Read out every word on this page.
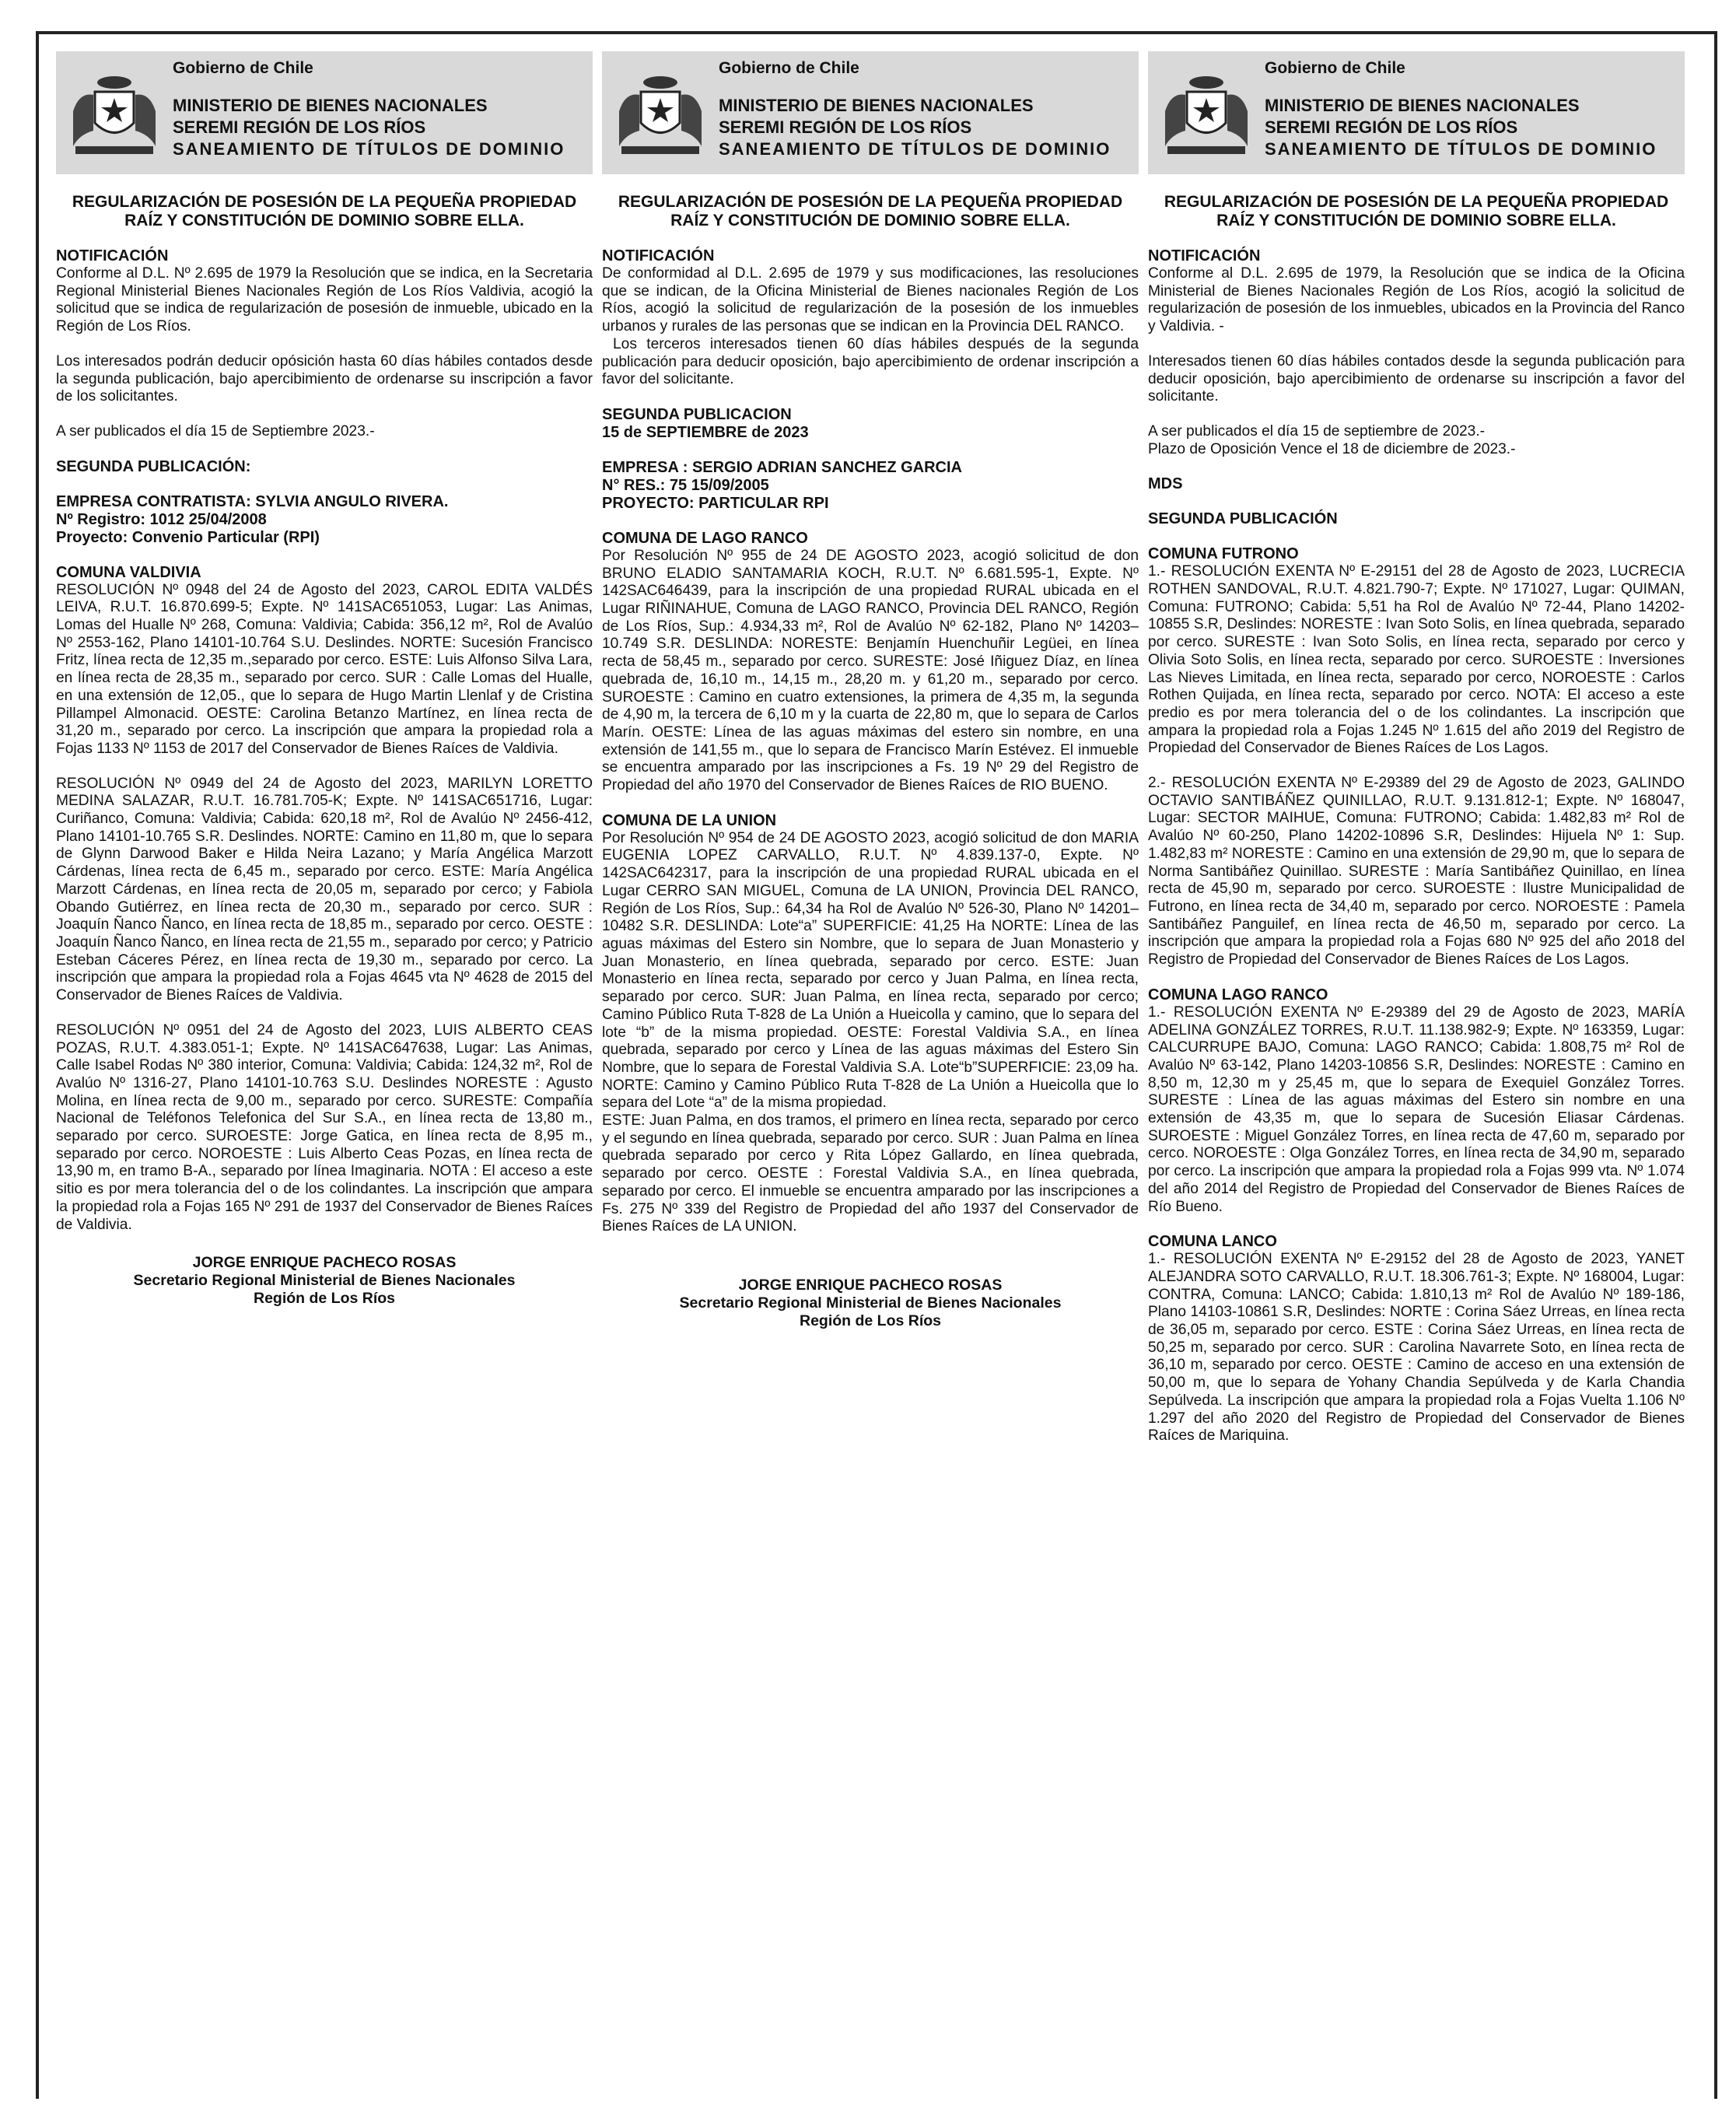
Gobierno de Chile
MINISTERIO DE BIENES NACIONALES
SEREMI REGIÓN DE LOS RÍOS
SANEAMIENTO DE TÍTULOS DE DOMINIO
REGULARIZACIÓN DE POSESIÓN DE LA PEQUEÑA PROPIEDAD RAÍZ Y CONSTITUCIÓN DE DOMINIO SOBRE ELLA.
NOTIFICACIÓN

Conforme al D.L. Nº 2.695 de 1979 la Resolución que se indica, en la Secretaria Regional Ministerial Bienes Nacionales Región de Los Ríos Valdivia, acogió la solicitud que se indica de regularización de posesión de inmueble, ubicado en la Región de Los Ríos.

Los interesados podrán deducir opósición hasta 60 días hábiles contados desde la segunda publicación, bajo apercibimiento de ordenarse su inscripción a favor de los solicitantes.

A ser publicados el día 15 de Septiembre 2023.-

SEGUNDA PUBLICACIÓN:
EMPRESA CONTRATISTA: SYLVIA ANGULO RIVERA.
Nº Registro: 1012 25/04/2008
Proyecto: Convenio Particular (RPI)
COMUNA VALDIVIA

RESOLUCIÓN Nº 0948 del 24 de Agosto del 2023, CAROL EDITA VALDÉS LEIVA, R.U.T. 16.870.699-5; Expte. Nº 141SAC651053, Lugar: Las Animas, Lomas del Hualle Nº 268, Comuna: Valdivia; Cabida: 356,12 m², Rol de Avalúo Nº 2553-162, Plano 14101-10.764 S.U. Deslindes. NORTE: Sucesión Francisco Fritz, línea recta de 12,35 m.,separado por cerco. ESTE: Luis Alfonso Silva Lara, en línea recta de 28,35 m., separado por cerco. SUR : Calle Lomas del Hualle, en una extensión de 12,05., que lo separa de Hugo Martin Llenlaf y de Cristina Pillampel Almonacid. OESTE: Carolina Betanzo Martínez, en línea recta de 31,20 m., separado por cerco. La inscripción que ampara la propiedad rola a Fojas 1133 Nº 1153 de 2017 del Conservador de Bienes Raíces de Valdivia.

RESOLUCIÓN Nº 0949 del 24 de Agosto del 2023, MARILYN LORETTO MEDINA SALAZAR, R.U.T. 16.781.705-K; Expte. Nº 141SAC651716, Lugar: Curiñanco, Comuna: Valdivia; Cabida: 620,18 m², Rol de Avalúo Nº 2456-412, Plano 14101-10.765 S.R. Deslindes. NORTE: Camino en 11,80 m, que lo separa de Glynn Darwood Baker e Hilda Neira Lazano; y María Angélica Marzott Cárdenas, línea recta de 6,45 m., separado por cerco. ESTE: María Angélica Marzott Cárdenas, en línea recta de 20,05 m, separado por cerco; y Fabiola Obando Gutiérrez, en línea recta de 20,30 m., separado por cerco. SUR : Joaquín Ñanco Ñanco, en línea recta de 18,85 m., separado por cerco. OESTE : Joaquín Ñanco Ñanco, en línea recta de 21,55 m., separado por cerco; y Patricio Esteban Cáceres Pérez, en línea recta de 19,30 m., separado por cerco. La inscripción que ampara la propiedad rola a Fojas 4645 vta Nº 4628 de 2015 del Conservador de Bienes Raíces de Valdivia.

RESOLUCIÓN Nº 0951 del 24 de Agosto del 2023, LUIS ALBERTO CEAS POZAS, R.U.T. 4.383.051-1; Expte. Nº 141SAC647638, Lugar: Las Animas, Calle Isabel Rodas Nº 380 interior, Comuna: Valdivia; Cabida: 124,32 m², Rol de Avalúo Nº 1316-27, Plano 14101-10.763 S.U. Deslindes NORESTE : Agusto Molina, en línea recta de 9,00 m., separado por cerco. SURESTE: Compañía Nacional de Teléfonos Telefonica del Sur S.A., en línea recta de 13,80 m., separado por cerco. SUROESTE: Jorge Gatica, en línea recta de 8,95 m., separado por cerco. NOROESTE : Luis Alberto Ceas Pozas, en línea recta de 13,90 m, en tramo B-A., separado por línea Imaginaria. NOTA : El acceso a este sitio es por mera tolerancia del o de los colindantes. La inscripción que ampara la propiedad rola a Fojas 165 Nº 291 de 1937 del Conservador de Bienes Raíces de Valdivia.

JORGE ENRIQUE PACHECO ROSAS
Secretario Regional Ministerial de Bienes Nacionales
Región de Los Ríos
Gobierno de Chile
MINISTERIO DE BIENES NACIONALES
SEREMI REGIÓN DE LOS RÍOS
SANEAMIENTO DE TÍTULOS DE DOMINIO
REGULARIZACIÓN DE POSESIÓN DE LA PEQUEÑA PROPIEDAD RAÍZ Y CONSTITUCIÓN DE DOMINIO SOBRE ELLA.
NOTIFICACIÓN

De conformidad al D.L. 2.695 de 1979 y sus modificaciones, las resoluciones que se indican, de la Oficina Ministerial de Bienes nacionales Región de Los Ríos, acogió la solicitud de regularización de la posesión de los inmuebles urbanos y rurales de las personas que se indican en la Provincia DEL RANCO.

Los terceros interesados tienen 60 días hábiles después de la segunda publicación para deducir oposición, bajo apercibimiento de ordenar inscripción a favor del solicitante.

SEGUNDA PUBLICACION
15 de SEPTIEMBRE de 2023
EMPRESA : SERGIO ADRIAN SANCHEZ GARCIA
N° RES.: 75 15/09/2005
PROYECTO: PARTICULAR RPI
COMUNA DE LAGO RANCO

Por Resolución Nº 955 de 24 DE AGOSTO 2023, acogió solicitud de don BRUNO ELADIO SANTAMARIA KOCH, R.U.T. Nº 6.681.595-1, Expte. Nº 142SAC646439, para la inscripción de una propiedad RURAL ubicada en el Lugar RIÑINAHUE, Comuna de LAGO RANCO, Provincia DEL RANCO, Región de Los Ríos, Sup.: 4.934,33 m², Rol de Avalúo Nº 62-182, Plano Nº 14203–10.749 S.R. DESLINDA: NORESTE: Benjamín Huenchuñir Legüei, en línea recta de 58,45 m., separado por cerco. SURESTE: José Iñiguez Díaz, en línea quebrada de, 16,10 m., 14,15 m., 28,20 m. y 61,20 m., separado por cerco. SUROESTE : Camino en cuatro extensiones, la primera de 4,35 m, la segunda de 4,90 m, la tercera de 6,10 m y la cuarta de 22,80 m, que lo separa de Carlos Marín. OESTE: Línea de las aguas máximas del estero sin nombre, en una extensión de 141,55 m., que lo separa de Francisco Marín Estévez. El inmueble se encuentra amparado por las inscripciones a Fs. 19 Nº 29 del Registro de Propiedad del año 1970 del Conservador de Bienes Raíces de RIO BUENO.

COMUNA DE LA UNION

Por Resolución Nº 954 de 24 DE AGOSTO 2023, acogió solicitud de don MARIA EUGENIA LOPEZ CARVALLO, R.U.T. Nº 4.839.137-0, Expte. Nº 142SAC642317, para la inscripción de una propiedad RURAL ubicada en el Lugar CERRO SAN MIGUEL, Comuna de LA UNION, Provincia DEL RANCO, Región de Los Ríos, Sup.: 64,34 ha Rol de Avalúo Nº 526-30, Plano Nº 14201–10482 S.R. DESLINDA: Lote“a” SUPERFICIE: 41,25 Ha NORTE: Línea de las aguas máximas del Estero sin Nombre, que lo separa de Juan Monasterio y Juan Monasterio, en línea quebrada, separado por cerco. ESTE: Juan Monasterio en línea recta, separado por cerco y Juan Palma, en línea recta, separado por cerco. SUR: Juan Palma, en línea recta, separado por cerco; Camino Público Ruta T-828 de La Unión a Hueicolla y camino, que lo separa del lote “b” de la misma propiedad. OESTE: Forestal Valdivia S.A., en línea quebrada, separado por cerco y Línea de las aguas máximas del Estero Sin Nombre, que lo separa de Forestal Valdivia S.A. Lote“b”SUPERFICIE: 23,09 ha. NORTE: Camino y Camino Público Ruta T-828 de La Unión a Hueicolla que lo separa del Lote “a” de la misma propiedad.

ESTE: Juan Palma, en dos tramos, el primero en línea recta, separado por cerco y el segundo en línea quebrada, separado por cerco. SUR : Juan Palma en línea quebrada separado por cerco y Rita López Gallardo, en línea quebrada, separado por cerco. OESTE : Forestal Valdivia S.A., en línea quebrada, separado por cerco. El inmueble se encuentra amparado por las inscripciones a Fs. 275 Nº 339 del Registro de Propiedad del año 1937 del Conservador de Bienes Raíces de LA UNION.

JORGE ENRIQUE PACHECO ROSAS
Secretario Regional Ministerial de Bienes Nacionales
Región de Los Ríos
Gobierno de Chile
MINISTERIO DE BIENES NACIONALES
SEREMI REGIÓN DE LOS RÍOS
SANEAMIENTO DE TÍTULOS DE DOMINIO
REGULARIZACIÓN DE POSESIÓN DE LA PEQUEÑA PROPIEDAD RAÍZ Y CONSTITUCIÓN DE DOMINIO SOBRE ELLA.
NOTIFICACIÓN

Conforme al D.L. 2.695 de 1979, la Resolución que se indica de la Oficina Ministerial de Bienes Nacionales Región de Los Ríos, acogió la solicitud de regularización de posesión de los inmuebles, ubicados en la Provincia del Ranco y Valdivia. -

Interesados tienen 60 días hábiles contados desde la segunda publicación para deducir oposición, bajo apercibimiento de ordenarse su inscripción a favor del solicitante.

A ser publicados el día 15 de septiembre de 2023.-

Plazo de Oposición Vence el 18 de diciembre de 2023.-

MDS
SEGUNDA PUBLICACIÓN
COMUNA FUTRONO

1.- RESOLUCIÓN EXENTA Nº E-29151 del 28 de Agosto de 2023, LUCRECIA ROTHEN SANDOVAL, R.U.T. 4.821.790-7; Expte. Nº 171027, Lugar: QUIMAN, Comuna: FUTRONO; Cabida: 5,51 ha Rol de Avalúo Nº 72-44, Plano 14202-10855 S.R, Deslindes: NORESTE : Ivan Soto Solis, en línea quebrada, separado por cerco. SURESTE : Ivan Soto Solis, en línea recta, separado por cerco y Olivia Soto Solis, en línea recta, separado por cerco. SUROESTE : Inversiones Las Nieves Limitada, en línea recta, separado por cerco, NOROESTE : Carlos Rothen Quijada, en línea recta, separado por cerco. NOTA: El acceso a este predio es por mera tolerancia del o de los colindantes. La inscripción que ampara la propiedad rola a Fojas 1.245 Nº 1.615 del año 2019 del Registro de Propiedad del Conservador de Bienes Raíces de Los Lagos.

2.- RESOLUCIÓN EXENTA Nº E-29389 del 29 de Agosto de 2023, GALINDO OCTAVIO SANTIBÁÑEZ QUINILLAO, R.U.T. 9.131.812-1; Expte. Nº 168047, Lugar: SECTOR MAIHUE, Comuna: FUTRONO; Cabida: 1.482,83 m² Rol de Avalúo Nº 60-250, Plano 14202-10896 S.R, Deslindes: Hijuela Nº 1: Sup. 1.482,83 m² NORESTE : Camino en una extensión de 29,90 m, que lo separa de Norma Santibáñez Quinillao. SURESTE : María Santibáñez Quinillao, en línea recta de 45,90 m, separado por cerco. SUROESTE : Ilustre Municipalidad de Futrono, en línea recta de 34,40 m, separado por cerco. NOROESTE : Pamela Santibáñez Panguilef, en línea recta de 46,50 m, separado por cerco. La inscripción que ampara la propiedad rola a Fojas 680 Nº 925 del año 2018 del Registro de Propiedad del Conservador de Bienes Raíces de Los Lagos.

COMUNA LAGO RANCO

1.- RESOLUCIÓN EXENTA Nº E-29389 del 29 de Agosto de 2023, MARÍA ADELINA GONZÁLEZ TORRES, R.U.T. 11.138.982-9; Expte. Nº 163359, Lugar: CALCURRUPE BAJO, Comuna: LAGO RANCO; Cabida: 1.808,75 m² Rol de Avalúo Nº 63-142, Plano 14203-10856 S.R, Deslindes: NORESTE : Camino en 8,50 m, 12,30 m y 25,45 m, que lo separa de Exequiel González Torres. SURESTE : Línea de las aguas máximas del Estero sin nombre en una extensión de 43,35 m, que lo separa de Sucesión Eliasar Cárdenas. SUROESTE : Miguel González Torres, en línea recta de 47,60 m, separado por cerco. NOROESTE : Olga González Torres, en línea recta de 34,90 m, separado por cerco. La inscripción que ampara la propiedad rola a Fojas 999 vta. Nº 1.074 del año 2014 del Registro de Propiedad del Conservador de Bienes Raíces de Río Bueno.

COMUNA LANCO

1.- RESOLUCIÓN EXENTA Nº E-29152 del 28 de Agosto de 2023, YANET ALEJANDRA SOTO CARVALLO, R.U.T. 18.306.761-3; Expte. Nº 168004, Lugar: CONTRA, Comuna: LANCO; Cabida: 1.810,13 m² Rol de Avalúo Nº 189-186, Plano 14103-10861 S.R, Deslindes: NORTE : Corina Sáez Urreas, en línea recta de 36,05 m, separado por cerco. ESTE : Corina Sáez Urreas, en línea recta de 50,25 m, separado por cerco. SUR : Carolina Navarrete Soto, en línea recta de 36,10 m, separado por cerco. OESTE : Camino de acceso en una extensión de 50,00 m, que lo separa de Yohany Chandia Sepúlveda y de Karla Chandia Sepúlveda. La inscripción que ampara la propiedad rola a Fojas Vuelta 1.106 Nº 1.297 del año 2020 del Registro de Propiedad del Conservador de Bienes Raíces de Mariquina.
